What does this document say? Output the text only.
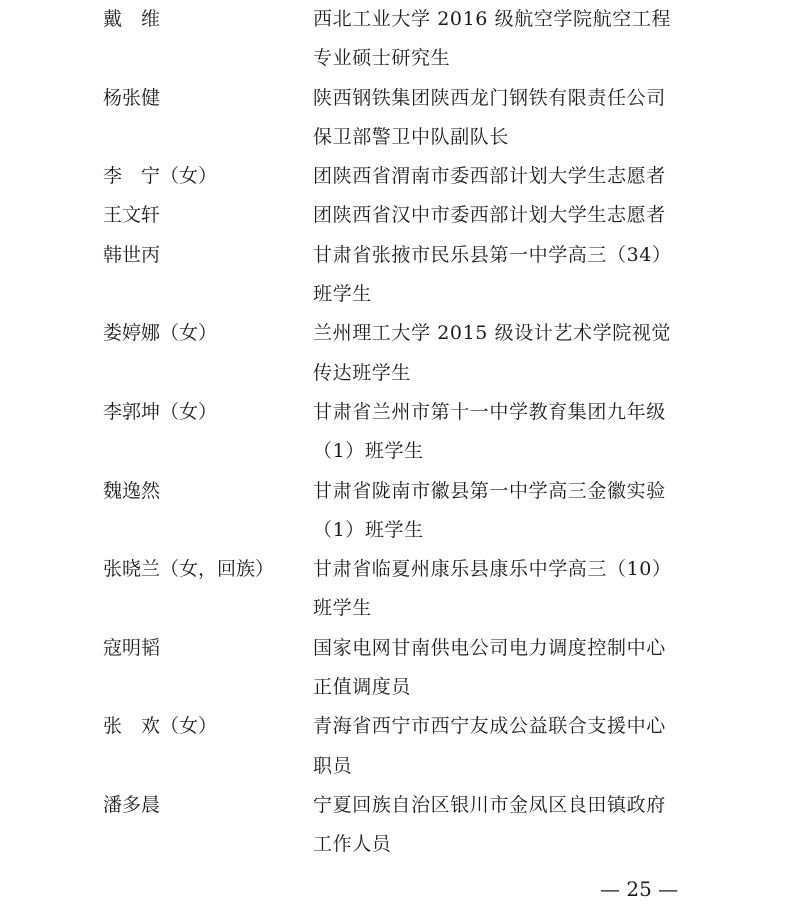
戴　维	西北工业大学 2016 级航空学院航空工程
专业硕士研究生
杨张健	陕西钢铁集团陕西龙门钢铁有限责任公司
保卫部警卫中队副队长
李　宁（女）	团陕西省渭南市委西部计划大学生志愿者
王文轩	团陕西省汉中市委西部计划大学生志愿者
韩世丙	甘肃省张掖市民乐县第一中学高三（34）
班学生
娄婷娜（女）	兰州理工大学 2015 级设计艺术学院视觉
传达班学生
李郭坤（女）	甘肃省兰州市第十一中学教育集团九年级
（1）班学生
魏逸然	甘肃省陇南市徽县第一中学高三金徽实验
（1）班学生
张晓兰（女，回族）	甘肃省临夏州康乐县康乐中学高三（10）
班学生
寇明韬	国家电网甘南供电公司电力调度控制中心
正值调度员
张　欢（女）	青海省西宁市西宁友成公益联合支援中心
职员
潘多晨	宁夏回族自治区银川市金凤区良田镇政府
工作人员
— 25 —
